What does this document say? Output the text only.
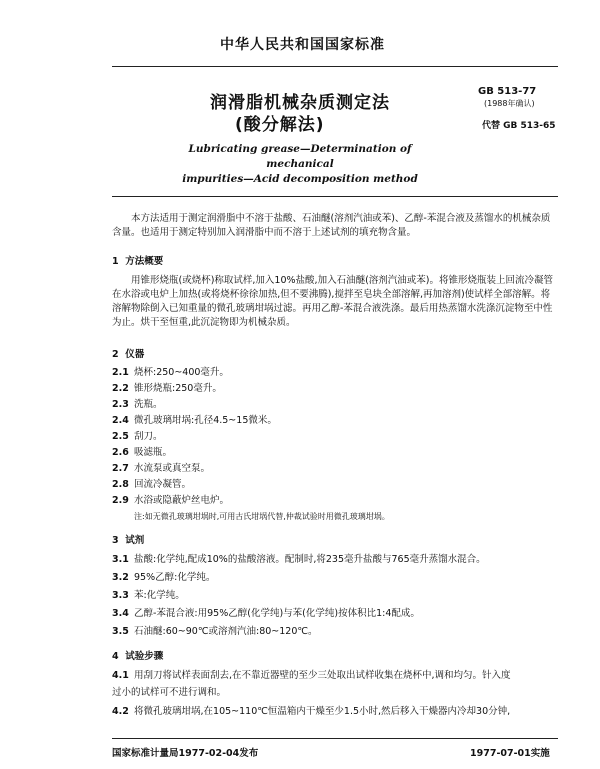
中华人民共和国国家标准
润滑脂机械杂质测定法
(酸分解法)
GB 513-77
(1988年确认)
代替 GB 513-65
Lubricating grease—Determination of mechanical
impurities—Acid decomposition method
本方法适用于测定润滑脂中不溶于盐酸、石油醚(溶剂汽油或苯)、乙醇-苯混合液及蒸馏水的机械杂质含量。也适用于测定特别加入润滑脂中而不溶于上述试剂的填充物含量。
1 方法概要
用锥形烧瓶(或烧杯)称取试样,加入10%盐酸,加入石油醚(溶剂汽油或苯)。将锥形烧瓶装上回流冷凝管在水浴或电炉上加热(或将烧杯徐徐加热,但不要沸腾),搅拌至皂块全部溶解,再加溶剂)使试样全部溶解。将溶解物除倒入已知重量的微孔玻璃坩埚过滤。再用乙醇-苯混合液洗涤。最后用热蒸馏水洗涤沉淀物至中性为止。烘干至恒重,此沉淀物即为机械杂质。
2 仪器
2.1 烧杯:250~400毫升。
2.2 锥形烧瓶:250毫升。
2.3 洗瓶。
2.4 微孔玻璃坩埚:孔径4.5~15微米。
2.5 刮刀。
2.6 吸滤瓶。
2.7 水流泵或真空泵。
2.8 回流冷凝管。
2.9 水浴或隐蔽炉丝电炉。
注:如无微孔玻璃坩埚时,可用古氏坩埚代替,仲裁试验时用微孔玻璃坩埚。
3 试剂
3.1 盐酸:化学纯,配成10%的盐酸溶液。配制时,将235毫升盐酸与765毫升蒸馏水混合。
3.2 95%乙醇:化学纯。
3.3 苯:化学纯。
3.4 乙醇-苯混合液:用95%乙醇(化学纯)与苯(化学纯)按体积比1:4配成。
3.5 石油醚:60~90℃或溶剂汽油:80~120℃。
4 试验步骤
4.1 用刮刀将试样表面刮去,在不靠近器壁的至少三处取出试样收集在烧杯中,调和均匀。针入度
过小的试样可不进行调和。
4.2 将微孔玻璃坩埚,在105~110℃恒温箱内干燥至少1.5小时,然后移入干燥器内冷却30分钟,
国家标准计量局1977-02-04发布	1977-07-01实施
